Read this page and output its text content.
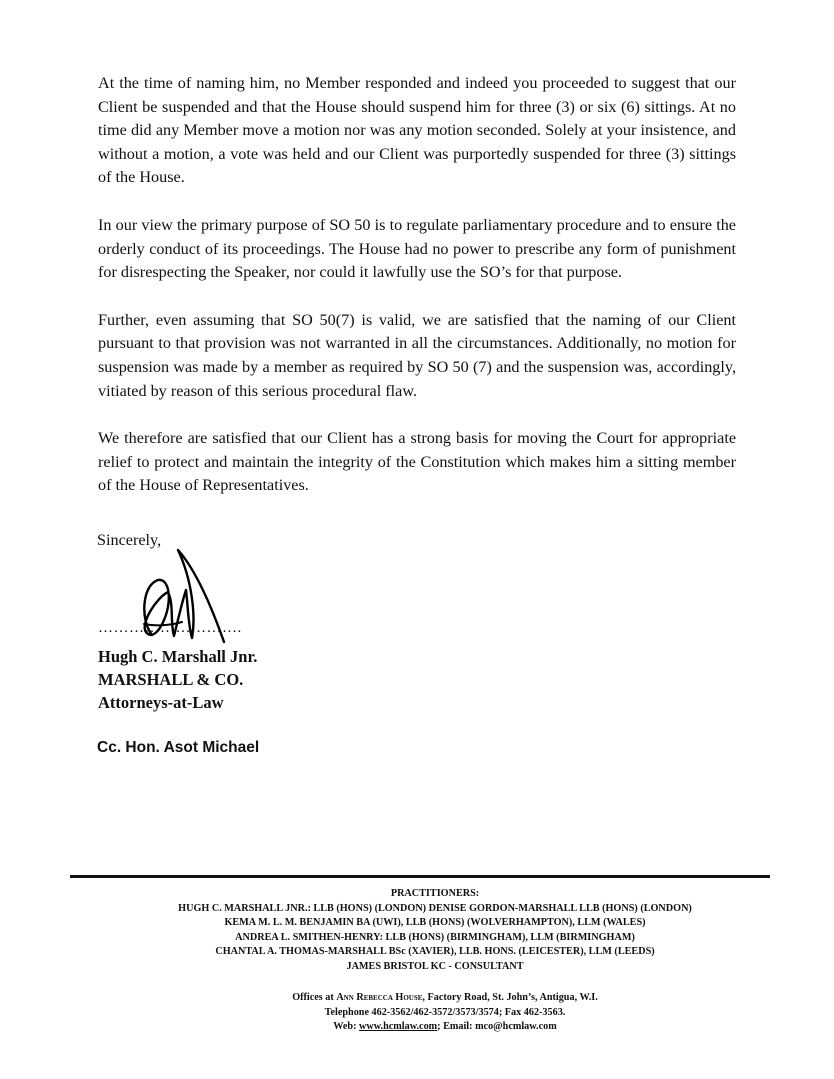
At the time of naming him, no Member responded and indeed you proceeded to suggest that our Client be suspended and that the House should suspend him for three (3) or six (6) sittings. At no time did any Member move a motion nor was any motion seconded. Solely at your insistence, and without a motion, a vote was held and our Client was purportedly suspended for three (3) sittings of the House.

In our view the primary purpose of SO 50 is to regulate parliamentary procedure and to ensure the orderly conduct of its proceedings. The House had no power to prescribe any form of punishment for disrespecting the Speaker, nor could it lawfully use the SO’s for that purpose.

Further, even assuming that SO 50(7) is valid, we are satisfied that the naming of our Client pursuant to that provision was not warranted in all the circumstances. Additionally, no motion for suspension was made by a member as required by SO 50 (7) and the suspension was, accordingly, vitiated by reason of this serious procedural flaw.

We therefore are satisfied that our Client has a strong basis for moving the Court for appropriate relief to protect and maintain the integrity of the Constitution which makes him a sitting member of the House of Representatives.

Sincerely,

……………………….
Hugh C. Marshall Jnr.
MARSHALL & CO.
Attorneys-at-Law
Cc. Hon. Asot Michael
PRACTITIONERS:
HUGH C. MARSHALL JNR.: LLB (HONS) (LONDON) DENISE GORDON-MARSHALL LLB (HONS) (LONDON)
KEMA M. L. M. BENJAMIN BA (UWI), LLB (HONS) (WOLVERHAMPTON), LLM (WALES)
ANDREA L. SMITHEN-HENRY: LLB (HONS) (BIRMINGHAM), LLM (BIRMINGHAM)
CHANTAL A. THOMAS-MARSHALL BSc (XAVIER), LLB. HONS. (LEICESTER), LLM (LEEDS)
JAMES BRISTOL KC - CONSULTANT
Offices at Ann Rebecca House, Factory Road, St. John’s, Antigua, W.I.
Telephone 462-3562/462-3572/3573/3574; Fax 462-3563.
Web: www.hcmlaw.com; Email: mco@hcmlaw.com
